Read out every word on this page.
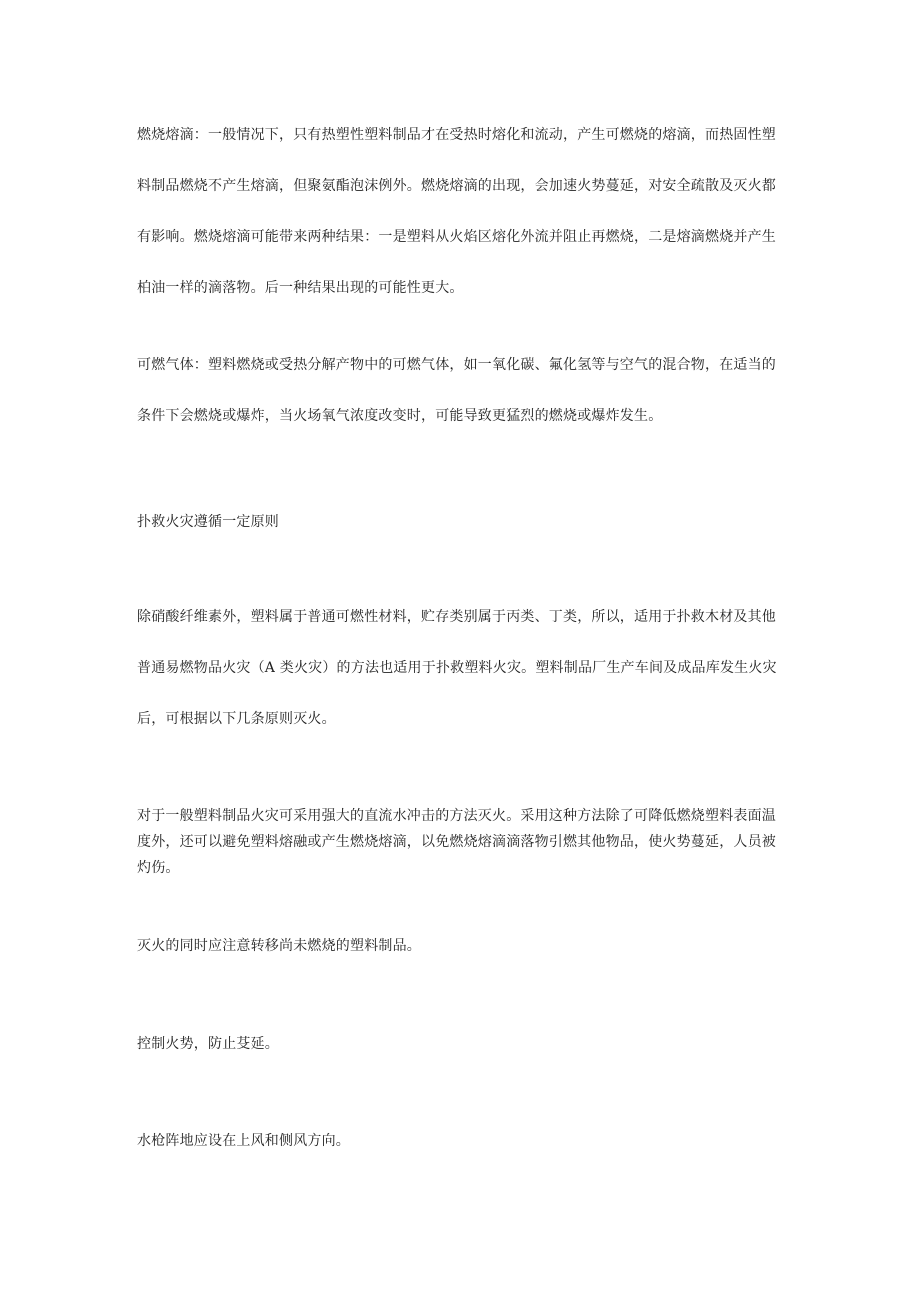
燃烧熔滴：一般情况下，只有热塑性塑料制品才在受热时熔化和流动，产生可燃烧的熔滴，而热固性塑料制品燃烧不产生熔滴，但聚氨酯泡沫例外。燃烧熔滴的出现，会加速火势蔓延，对安全疏散及灭火都有影响。燃烧熔滴可能带来两种结果：一是塑料从火焰区熔化外流并阻止再燃烧，二是熔滴燃烧并产生柏油一样的滴落物。后一种结果出现的可能性更大。

可燃气体：塑料燃烧或受热分解产物中的可燃气体，如一氧化碳、氟化氢等与空气的混合物，在适当的条件下会燃烧或爆炸，当火场氧气浓度改变时，可能导致更猛烈的燃烧或爆炸发生。

扑救火灾遵循一定原则

除硝酸纤维素外，塑料属于普通可燃性材料，贮存类别属于丙类、丁类，所以，适用于扑救木材及其他普通易燃物品火灾（A 类火灾）的方法也适用于扑救塑料火灾。塑料制品厂生产车间及成品库发生火灾后，可根据以下几条原则灭火。

对于一般塑料制品火灾可采用强大的直流水冲击的方法灭火。采用这种方法除了可降低燃烧塑料表面温度外，还可以避免塑料熔融或产生燃烧熔滴，以免燃烧熔滴滴落物引燃其他物品，使火势蔓延，人员被灼伤。

灭火的同时应注意转移尚未燃烧的塑料制品。

控制火势，防止芟延。

水枪阵地应设在上风和侧风方向。
